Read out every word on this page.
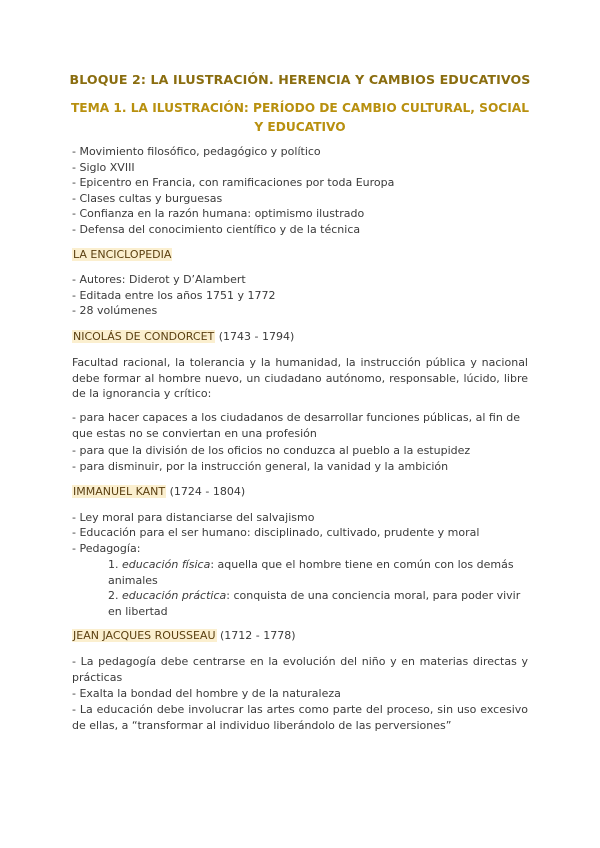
BLOQUE 2: LA ILUSTRACIÓN. HERENCIA Y CAMBIOS EDUCATIVOS
TEMA 1. LA ILUSTRACIÓN: PERÍODO DE CAMBIO CULTURAL, SOCIAL Y EDUCATIVO
- Movimiento filosófico, pedagógico y político
- Siglo XVIII
- Epicentro en Francia, con ramificaciones por toda Europa
- Clases cultas y burguesas
- Confianza en la razón humana: optimismo ilustrado
- Defensa del conocimiento científico y de la técnica
LA ENCICLOPEDIA
- Autores: Diderot y D’Alambert
- Editada entre los años 1751 y 1772
- 28 volúmenes
NICOLÁS DE CONDORCET (1743 - 1794)
Facultad racional, la tolerancia y la humanidad, la instrucción pública y nacional debe formar al hombre nuevo, un ciudadano autónomo, responsable, lúcido, libre de la ignorancia y crítico:
- para hacer capaces a los ciudadanos de desarrollar funciones públicas, al fin de que estas no se conviertan en una profesión
- para que la división de los oficios no conduzca al pueblo a la estupidez
- para disminuir, por la instrucción general, la vanidad y la ambición
IMMANUEL KANT (1724 - 1804)
- Ley moral para distanciarse del salvajismo
- Educación para el ser humano: disciplinado, cultivado, prudente y moral
- Pedagogía:
1. educación física: aquella que el hombre tiene en común con los demás animales
2. educación práctica: conquista de una conciencia moral, para poder vivir en libertad
JEAN JACQUES ROUSSEAU (1712 - 1778)
- La pedagogía debe centrarse en la evolución del niño y en materias directas y prácticas
- Exalta la bondad del hombre y de la naturaleza
- La educación debe involucrar las artes como parte del proceso, sin uso excesivo de ellas, a “transformar al individuo liberándolo de las perversiones”
